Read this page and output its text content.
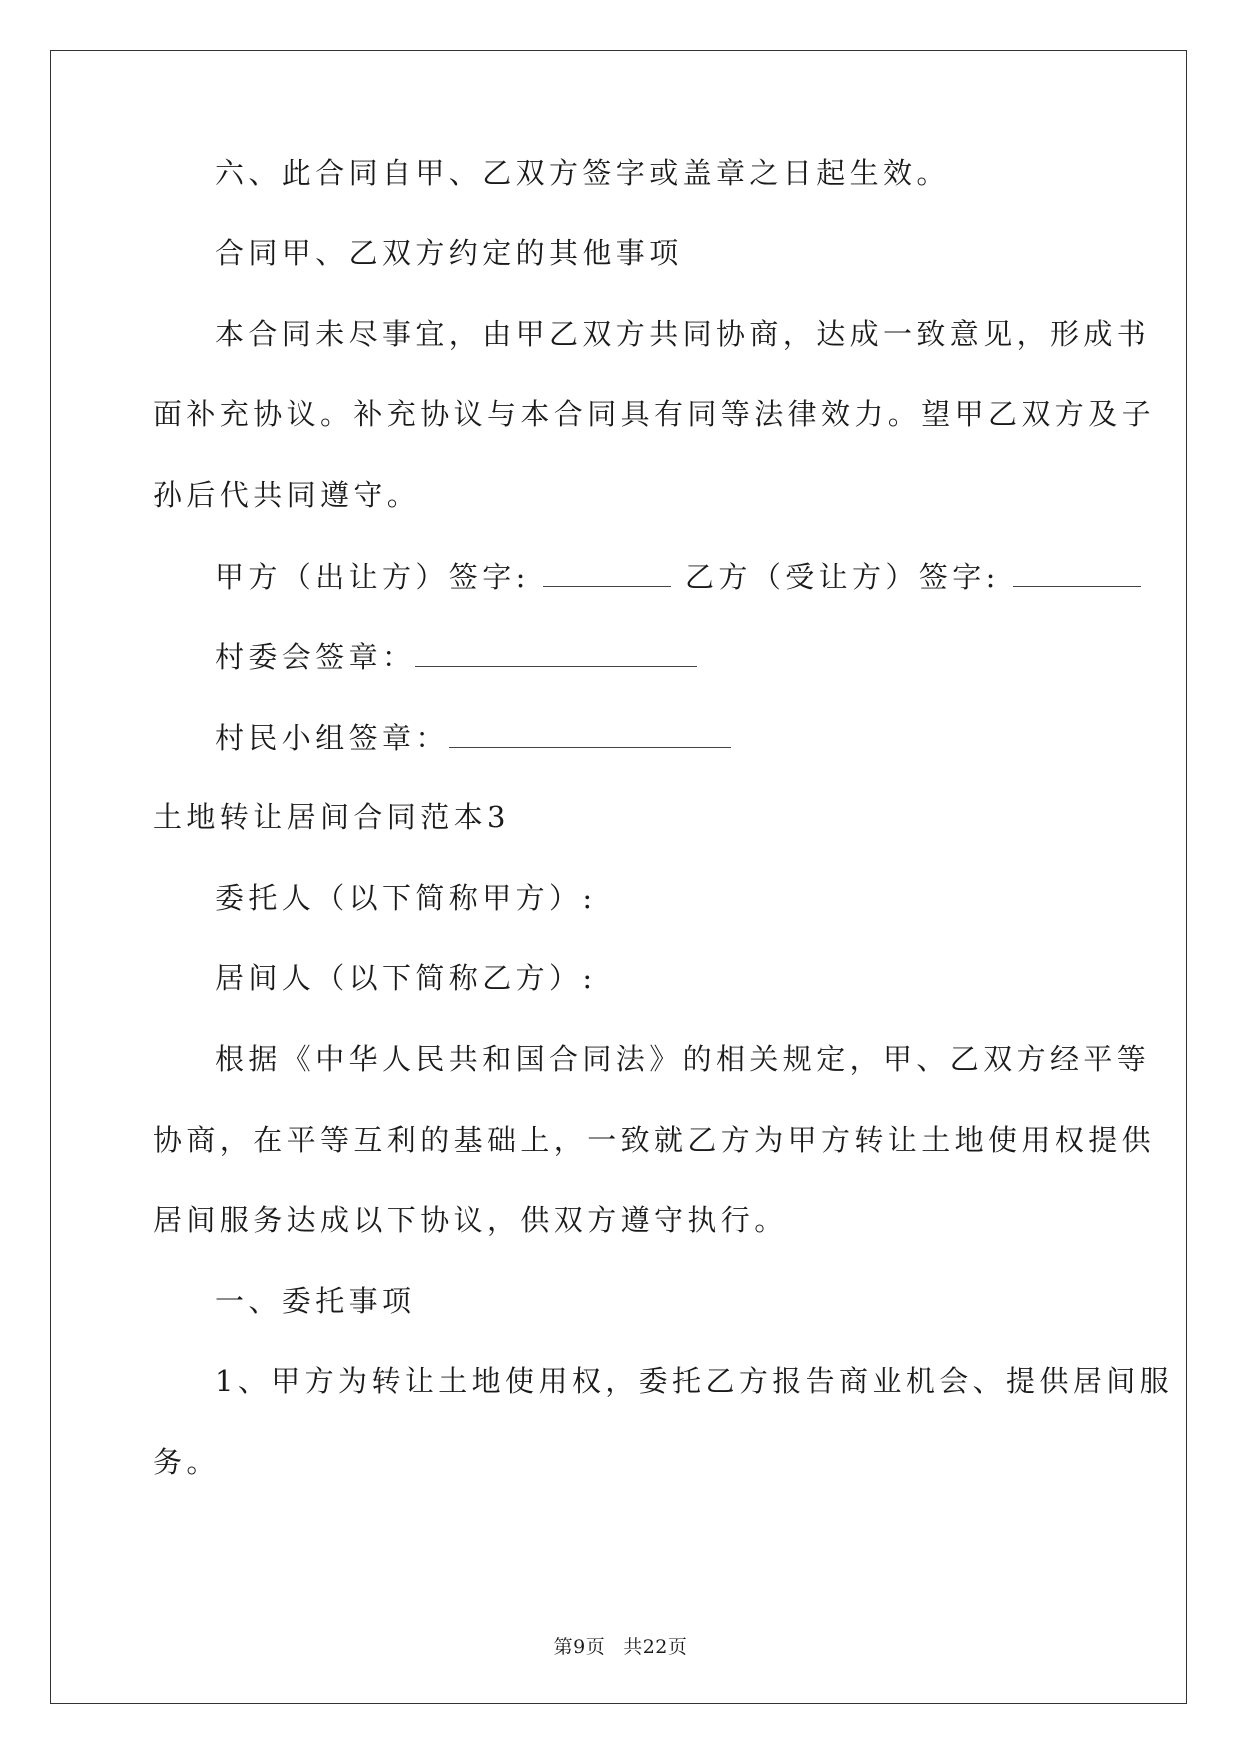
六、此合同自甲、乙双方签字或盖章之日起生效。
合同甲、乙双方约定的其他事项
本合同未尽事宜，由甲乙双方共同协商，达成一致意见，形成书
面补充协议。补充协议与本合同具有同等法律效力。望甲乙双方及子
孙后代共同遵守。
甲方（出让方）签字:	乙方（受让方）签字:
村委会签章：
村民小组签章：
土地转让居间合同范本3
委托人（以下简称甲方）:
居间人（以下简称乙方）:
根据《中华人民共和国合同法》的相关规定，甲、乙双方经平等
协商，在平等互利的基础上，一致就乙方为甲方转让土地使用权提供
居间服务达成以下协议，供双方遵守执行。
一、委托事项
1、甲方为转让土地使用权，委托乙方报告商业机会、提供居间服
务。
第9页 共22页
